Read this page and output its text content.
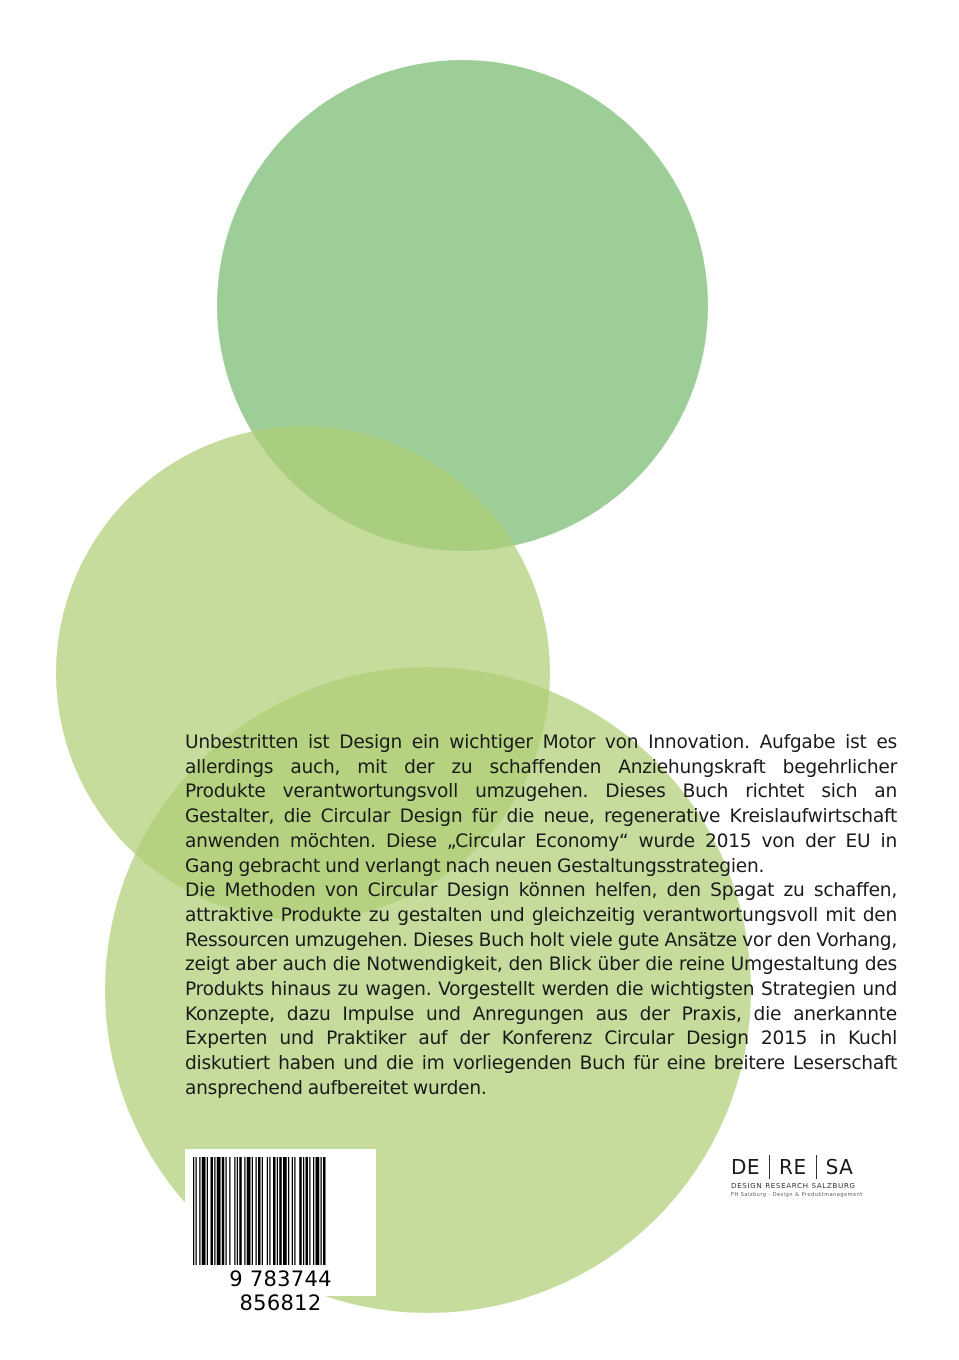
Unbestritten ist Design ein wichtiger Motor von Innovation. Aufgabe ist es allerdings auch, mit der zu schaffenden Anziehungskraft begehrlicher Produkte verantwortungsvoll umzugehen. Dieses Buch richtet sich an Gestalter, die Circular Design für die neue, regenerative Kreislaufwirtschaft anwenden möchten. Diese „Circular Economy“ wurde 2015 von der EU in Gang gebracht und verlangt nach neuen Gestaltungsstrategien.

Die Methoden von Circular Design können helfen, den Spagat zu schaffen, attraktive Produkte zu gestalten und gleichzeitig verantwortungsvoll mit den Ressourcen umzugehen. Dieses Buch holt viele gute Ansätze vor den Vorhang, zeigt aber auch die Notwendigkeit, den Blick über die reine Umgestaltung des Produkts hinaus zu wagen. Vorgestellt werden die wichtigsten Strategien und Konzepte, dazu Impulse und Anregungen aus der Praxis, die anerkannte Experten und Praktiker auf der Konferenz Circular Design 2015 in Kuchl diskutiert haben und die im vorliegenden Buch für eine breitere Leserschaft ansprechend aufbereitet wurden.

9 783744 856812
DE RE SA
DESIGN RESEARCH SALZBURG
FH Salzburg · Design & Produktmanagement
